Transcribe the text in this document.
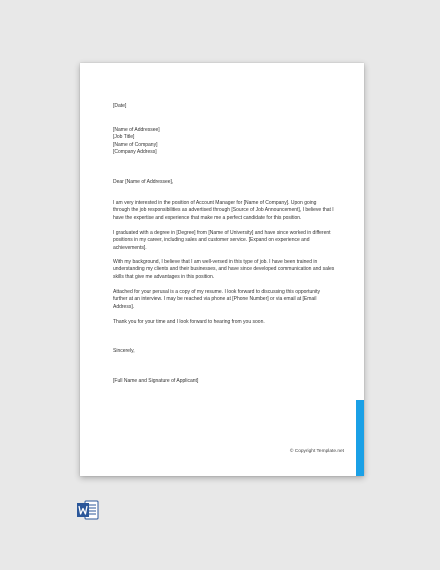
[Date]

[Name of Addressee]
[Job Title]
[Name of Company]
[Company Address]

Dear [Name of Addressee],

I am very interested in the position of Account Manager for [Name of Company]. Upon going
through the job responsibilities as advertised through [Source of Job Announcement], I believe that I
have the expertise and experience that make me a perfect candidate for this position.
I graduated with a degree in [Degree] from [Name of University] and have since worked in different
positions in my career, including sales and customer service. [Expand on experience and
achievements].
With my background, I believe that I am well-versed in this type of job. I have been trained in
understanding my clients and their businesses, and have since developed communication and sales
skills that give me advantages in this position.
Attached for your perusal is a copy of my resume. I look forward to discussing this opportunity
further at an interview. I may be reached via phone at [Phone Number] or via email at [Email
Address].
Thank you for your time and I look forward to hearing from you soon.

Sincerely,

[Full Name and Signature of Applicant]

© Copyright Template.net
